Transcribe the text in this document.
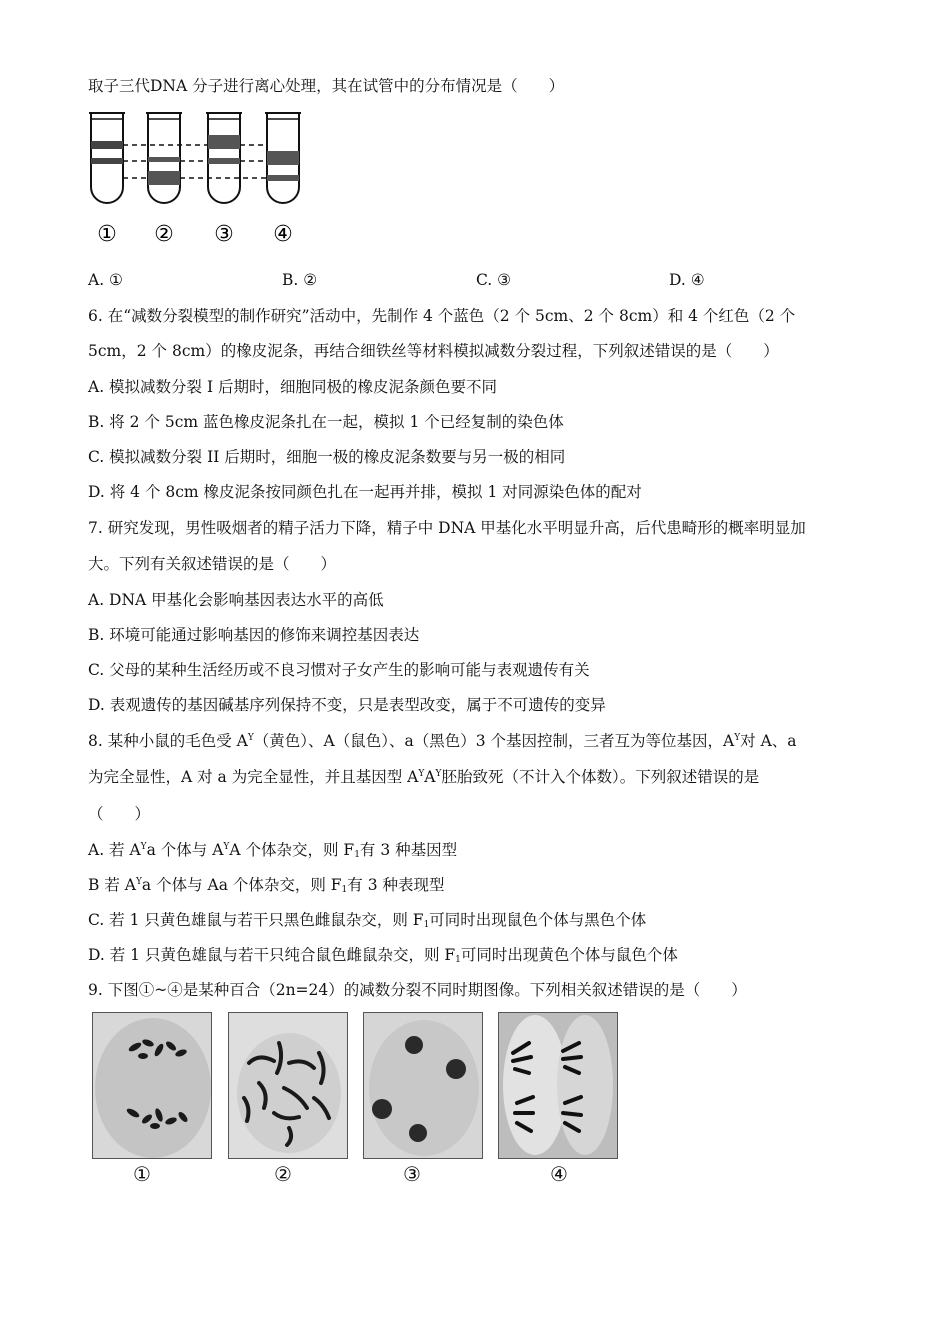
取子三代DNA 分子进行离心处理，其在试管中的分布情况是（　　）
① ② ③ ④
A. ①	B. ②	C. ③	D. ④
6. 在“减数分裂模型的制作研究”活动中，先制作 4 个蓝色（2 个 5cm、2 个 8cm）和 4 个红色（2 个
5cm，2 个 8cm）的橡皮泥条，再结合细铁丝等材料模拟减数分裂过程，下列叙述错误的是（　　）
A. 模拟减数分裂 I 后期时，细胞同极的橡皮泥条颜色要不同
B. 将 2 个 5cm 蓝色橡皮泥条扎在一起，模拟 1 个已经复制的染色体
C. 模拟减数分裂 II 后期时，细胞一极的橡皮泥条数要与另一极的相同
D. 将 4 个 8cm 橡皮泥条按同颜色扎在一起再并排，模拟 1 对同源染色体的配对
7. 研究发现，男性吸烟者的精子活力下降，精子中 DNA 甲基化水平明显升高，后代患畸形的概率明显加
大。下列有关叙述错误的是（　　）
A. DNA 甲基化会影响基因表达水平的高低
B. 环境可能通过影响基因的修饰来调控基因表达
C. 父母的某种生活经历或不良习惯对子女产生的影响可能与表观遗传有关
D. 表观遗传的基因碱基序列保持不变，只是表型改变，属于不可遗传的变异
8. 某种小鼠的毛色受 $A^Y$（黄色）、A（鼠色）、a（黑色）3 个基因控制，三者互为等位基因，$A^Y$对 A、a
为完全显性，A 对 a 为完全显性，并且基因型 $A^YA^Y$胚胎致死（不计入个体数）。下列叙述错误的是
（　　）
A. 若 $A^Ya$ 个体与 $A^YA$ 个体杂交，则 $F_1$有 3 种基因型
B 若 $A^Ya$ 个体与 Aa 个体杂交，则 $F_1$有 3 种表现型
C. 若 1 只黄色雄鼠与若干只黑色雌鼠杂交，则 $F_1$可同时出现鼠色个体与黑色个体
D. 若 1 只黄色雄鼠与若干只纯合鼠色雌鼠杂交，则 $F_1$可同时出现黄色个体与鼠色个体
9. 下图①~④是某种百合（2n=24）的减数分裂不同时期图像。下列相关叙述错误的是（　　）
①	②	③	④
